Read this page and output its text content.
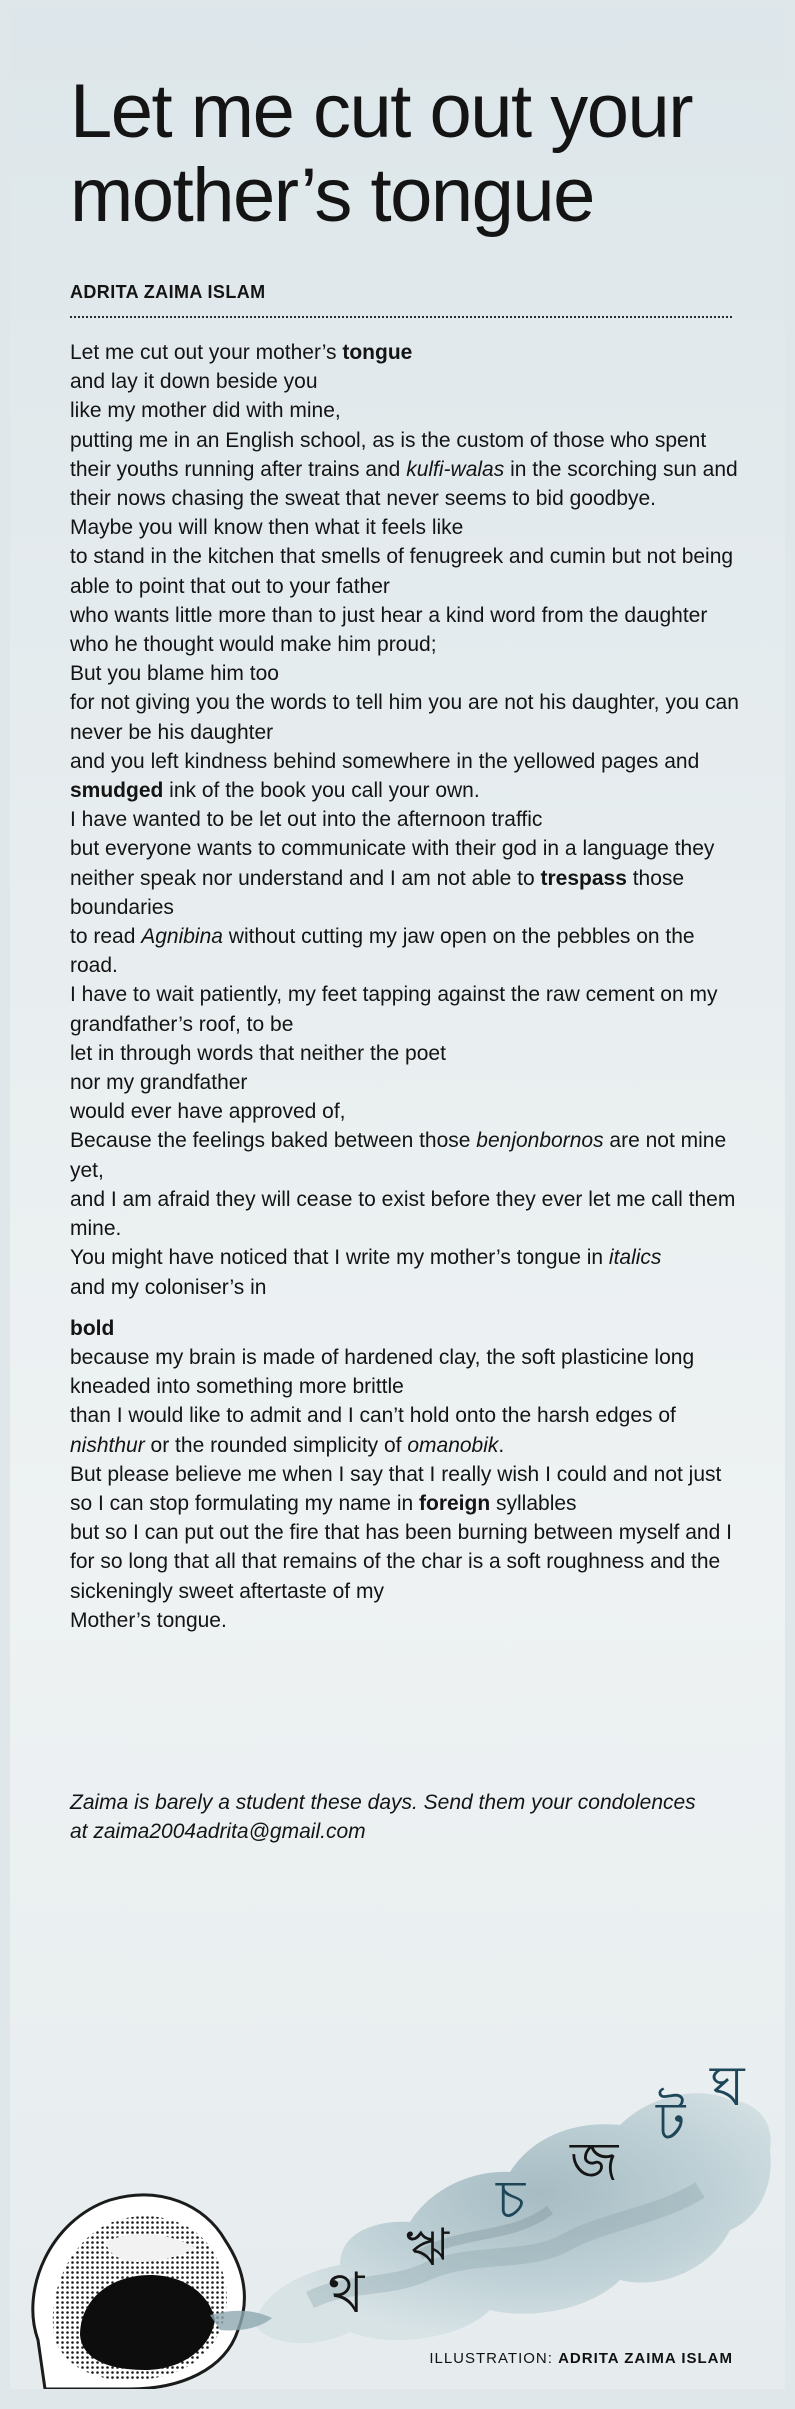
Let me cut out your mother’s tongue
ADRITA ZAIMA ISLAM

Let me cut out your mother’s tongue

and lay it down beside you

like my mother did with mine,

putting me in an English school, as is the custom of those who spent their youths running after trains and kulfi-walas in the scorching sun and their nows chasing the sweat that never seems to bid goodbye.

Maybe you will know then what it feels like

to stand in the kitchen that smells of fenugreek and cumin but not being able to point that out to your father

who wants little more than to just hear a kind word from the daughter who he thought would make him proud;

But you blame him too

for not giving you the words to tell him you are not his daughter, you can never be his daughter

and you left kindness behind somewhere in the yellowed pages and smudged ink of the book you call your own.

I have wanted to be let out into the afternoon traffic

but everyone wants to communicate with their god in a language they neither speak nor understand and I am not able to trespass those boundaries

to read Agnibina without cutting my jaw open on the pebbles on the road.

I have to wait patiently, my feet tapping against the raw cement on my grandfather’s roof, to be

let in through words that neither the poet

nor my grandfather

would ever have approved of,

Because the feelings baked between those benjonbornos are not mine yet,

and I am afraid they will cease to exist before they ever let me call them mine.

You might have noticed that I write my mother’s tongue in italics

and my coloniser’s in

bold

because my brain is made of hardened clay, the soft plasticine long kneaded into something more brittle

than I would like to admit and I can’t hold onto the harsh edges of nishthur or the rounded simplicity of omanobik.

But please believe me when I say that I really wish I could and not just so I can stop formulating my name in foreign syllables

but so I can put out the fire that has been burning between myself and I for so long that all that remains of the char is a soft roughness and the

sickeningly sweet aftertaste of my

Mother’s tongue.

Zaima is barely a student these days. Send them your condolences
at zaima2004adrita@gmail.com
থ
ঋ
চ
জ
ট
ঘ
ILLUSTRATION: ADRITA ZAIMA ISLAM
